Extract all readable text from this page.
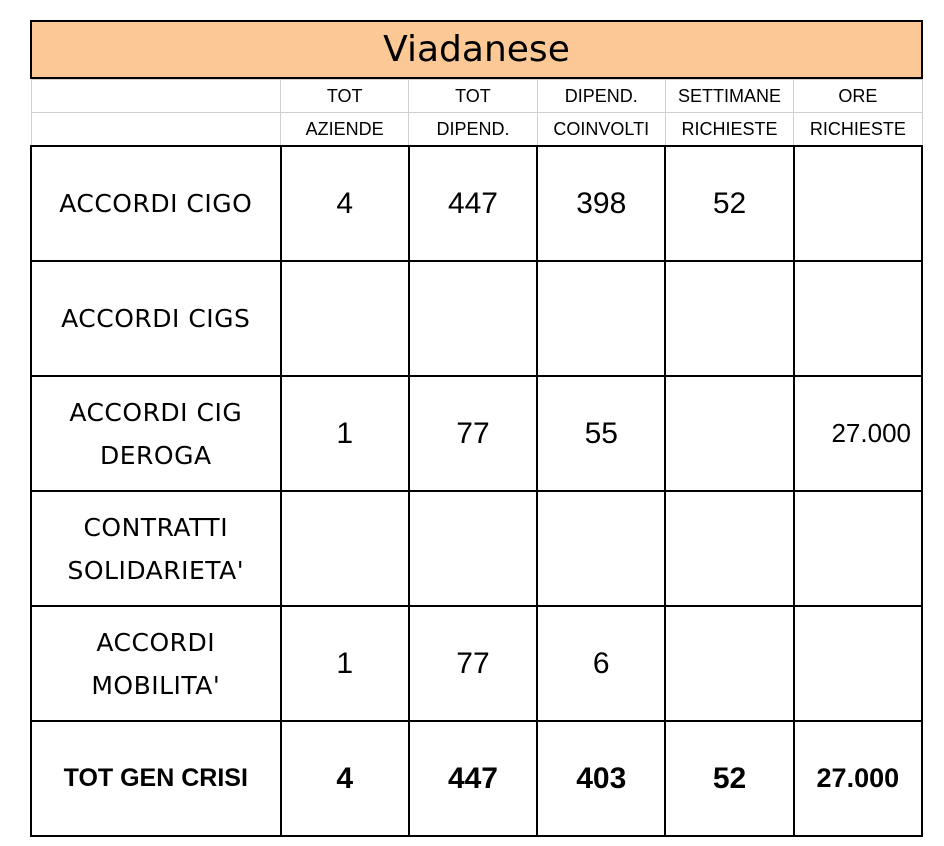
Viadanese
	TOT	TOT	DIPEND.	SETTIMANE	ORE
	AZIENDE	DIPEND.	COINVOLTI	RICHIESTE	RICHIESTE

ACCORDI CIGO	4	447	398	52	

ACCORDI CIGS					

ACCORDI CIG
DEROGA	1	77	55		27.000

CONTRATTI
SOLIDARIETA'					

ACCORDI
MOBILITA'	1	77	6		
TOT GEN CRISI	4	447	403	52	27.000
